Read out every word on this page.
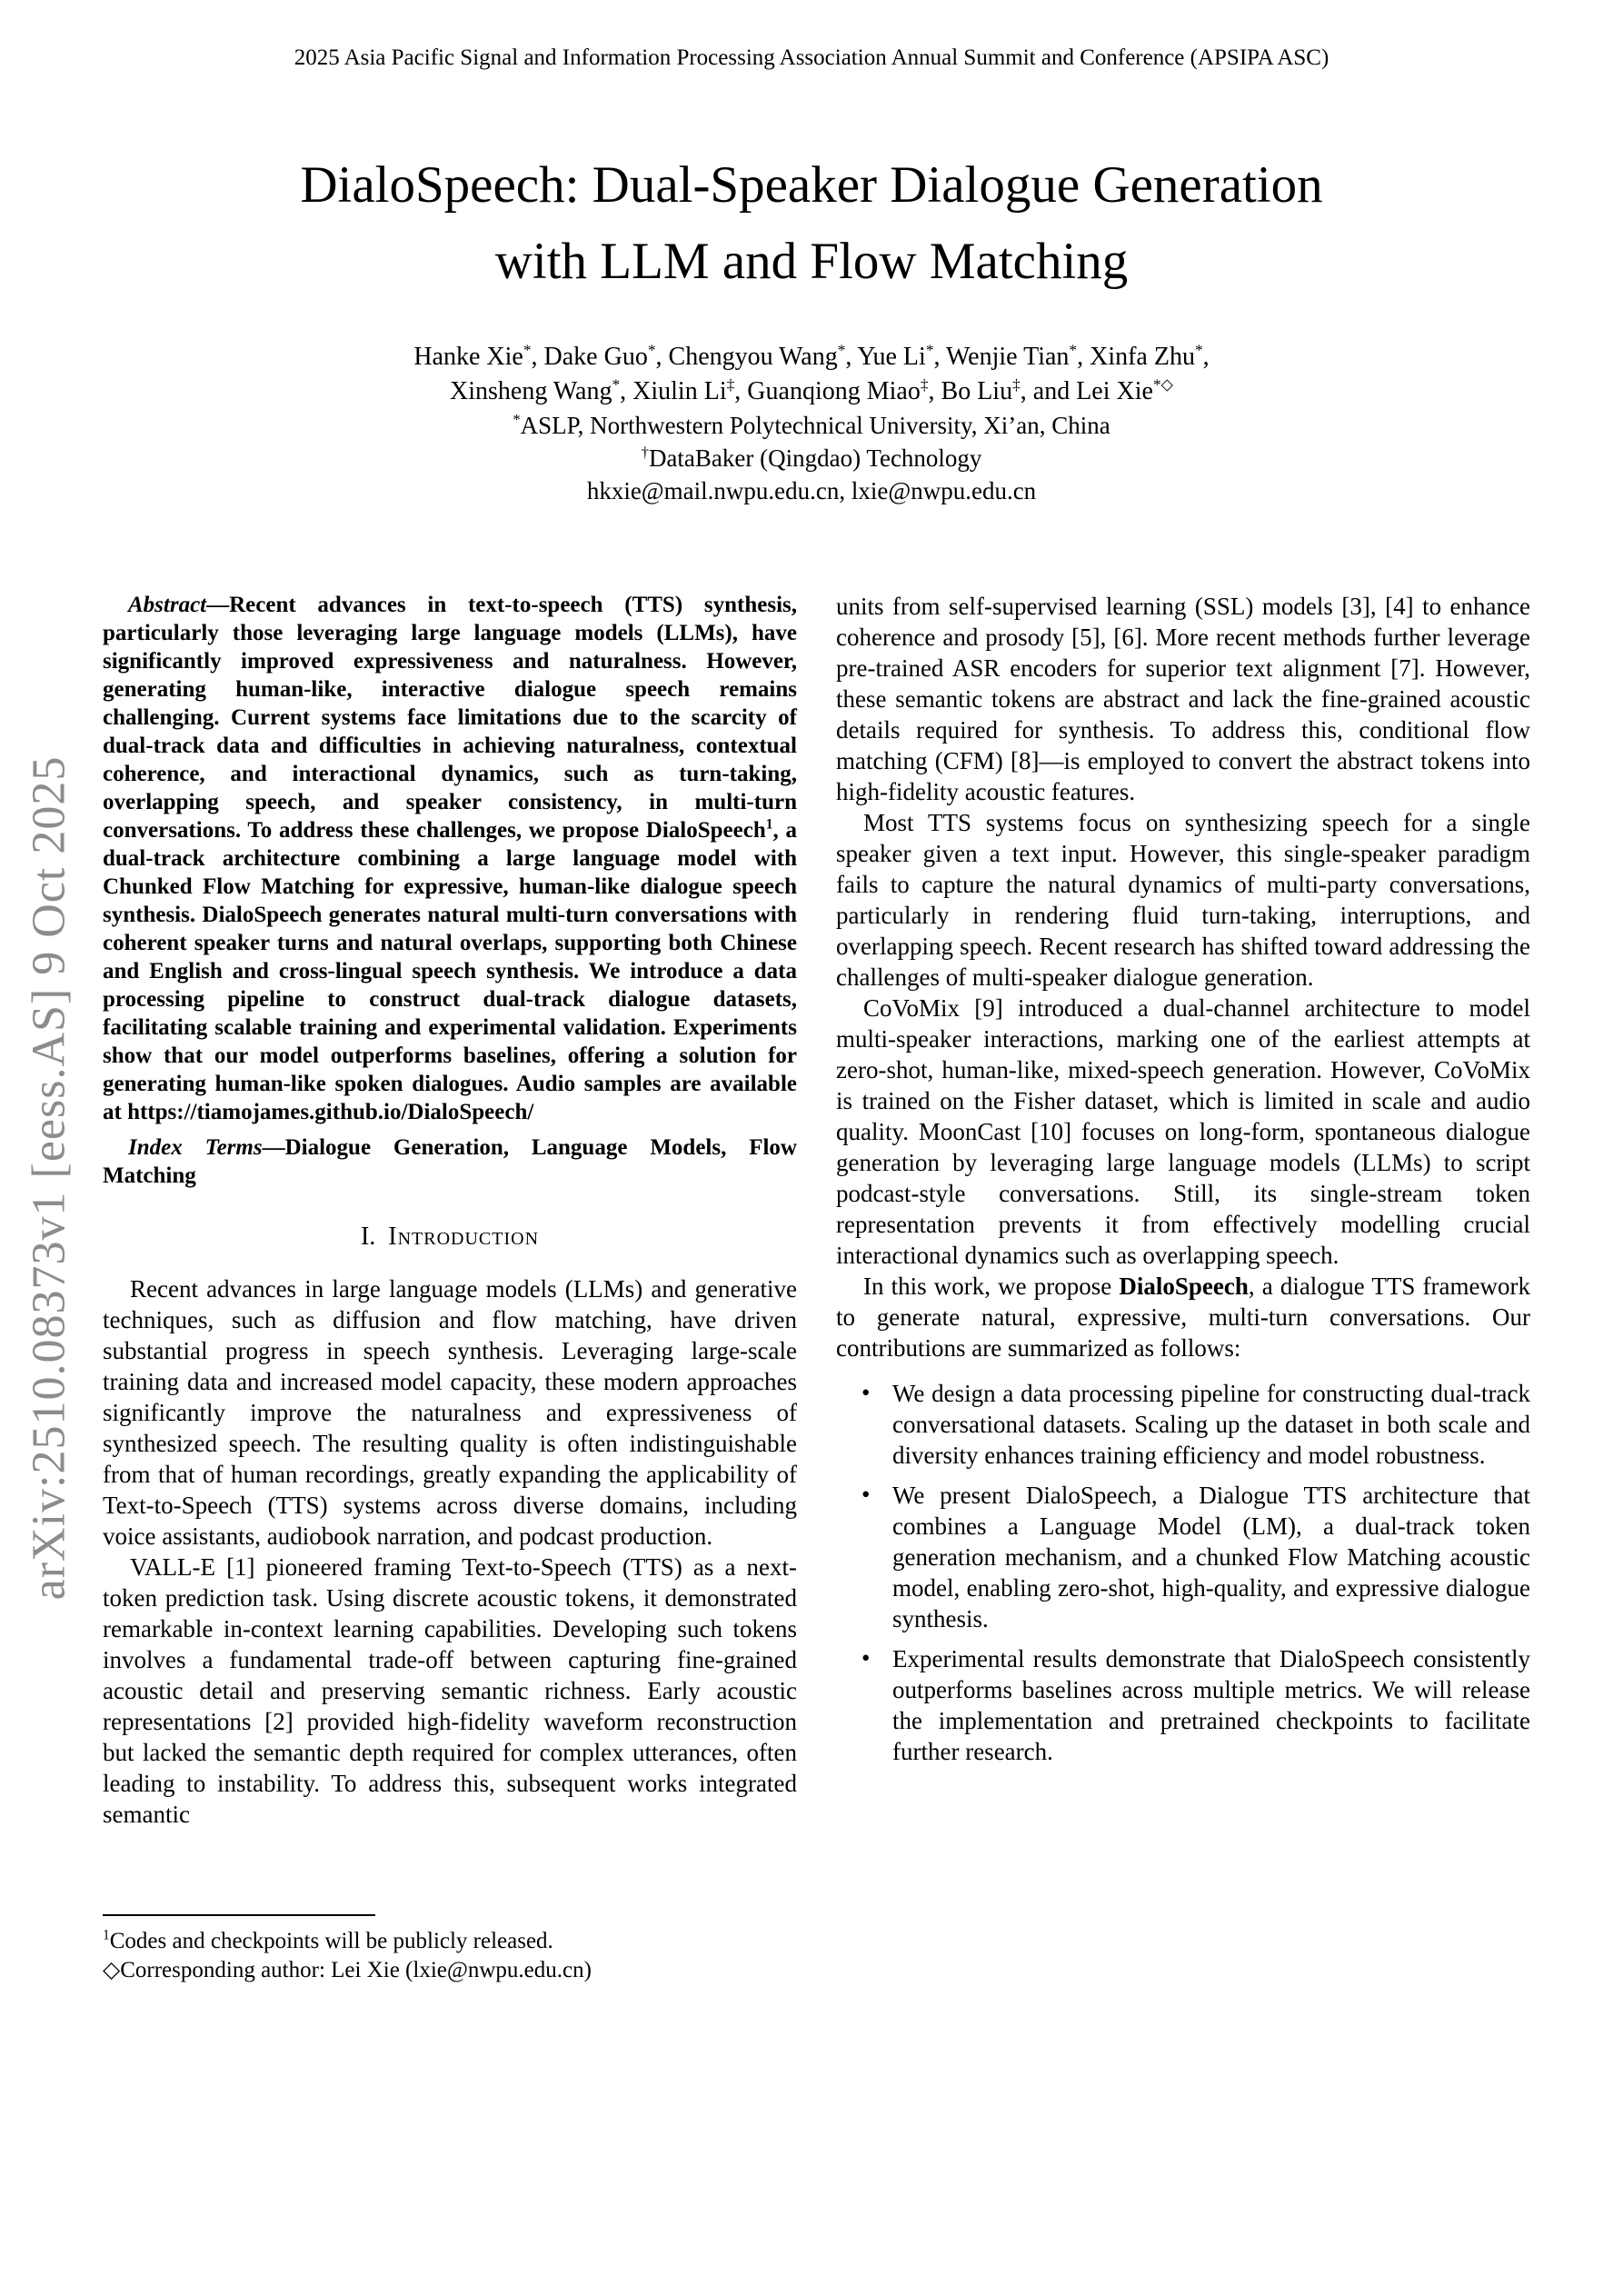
arXiv:2510.08373v1 [eess.AS] 9 Oct 2025
2025 Asia Pacific Signal and Information Processing Association Annual Summit and Conference (APSIPA ASC)
DialoSpeech: Dual-Speaker Dialogue Generation
with LLM and Flow Matching
Hanke Xie*, Dake Guo*, Chengyou Wang*, Yue Li*, Wenjie Tian*, Xinfa Zhu*,
Xinsheng Wang*, Xiulin Li‡, Guanqiong Miao‡, Bo Liu‡, and Lei Xie*◇
*ASLP, Northwestern Polytechnical University, Xi’an, China
†DataBaker (Qingdao) Technology
hkxie@mail.nwpu.edu.cn, lxie@nwpu.edu.cn

Abstract—Recent advances in text-to-speech (TTS) synthesis, particularly those leveraging large language models (LLMs), have significantly improved expressiveness and naturalness. However, generating human-like, interactive dialogue speech remains challenging. Current systems face limitations due to the scarcity of dual-track data and difficulties in achieving naturalness, contextual coherence, and interactional dynamics, such as turn-taking, overlapping speech, and speaker consistency, in multi-turn conversations. To address these challenges, we propose DialoSpeech$^1$, a dual-track architecture combining a large language model with Chunked Flow Matching for expressive, human-like dialogue speech synthesis. DialoSpeech generates natural multi-turn conversations with coherent speaker turns and natural overlaps, supporting both Chinese and English and cross-lingual speech synthesis. We introduce a data processing pipeline to construct dual-track dialogue datasets, facilitating scalable training and experimental validation. Experiments show that our model outperforms baselines, offering a solution for generating human-like spoken dialogues. Audio samples are available at https://tiamojames.github.io/DialoSpeech/

Index Terms—Dialogue Generation, Language Models, Flow Matching

I. Introduction

Recent advances in large language models (LLMs) and generative techniques, such as diffusion and flow matching, have driven substantial progress in speech synthesis. Leveraging large-scale training data and increased model capacity, these modern approaches significantly improve the naturalness and expressiveness of synthesized speech. The resulting quality is often indistinguishable from that of human recordings, greatly expanding the applicability of Text-to-Speech (TTS) systems across diverse domains, including voice assistants, audiobook narration, and podcast production.

VALL-E [1] pioneered framing Text-to-Speech (TTS) as a next-token prediction task. Using discrete acoustic tokens, it demonstrated remarkable in-context learning capabilities. Developing such tokens involves a fundamental trade-off between capturing fine-grained acoustic detail and preserving semantic richness. Early acoustic representations [2] provided high-fidelity waveform reconstruction but lacked the semantic depth required for complex utterances, often leading to instability. To address this, subsequent works integrated semantic

units from self-supervised learning (SSL) models [3], [4] to enhance coherence and prosody [5], [6]. More recent methods further leverage pre-trained ASR encoders for superior text alignment [7]. However, these semantic tokens are abstract and lack the fine-grained acoustic details required for synthesis. To address this, conditional flow matching (CFM) [8]—is employed to convert the abstract tokens into high-fidelity acoustic features.

Most TTS systems focus on synthesizing speech for a single speaker given a text input. However, this single-speaker paradigm fails to capture the natural dynamics of multi-party conversations, particularly in rendering fluid turn-taking, interruptions, and overlapping speech. Recent research has shifted toward addressing the challenges of multi-speaker dialogue generation.

CoVoMix [9] introduced a dual-channel architecture to model multi-speaker interactions, marking one of the earliest attempts at zero-shot, human-like, mixed-speech generation. However, CoVoMix is trained on the Fisher dataset, which is limited in scale and audio quality. MoonCast [10] focuses on long-form, spontaneous dialogue generation by leveraging large language models (LLMs) to script podcast-style conversations. Still, its single-stream token representation prevents it from effectively modelling crucial interactional dynamics such as overlapping speech.

In this work, we propose DialoSpeech, a dialogue TTS framework to generate natural, expressive, multi-turn conversations. Our contributions are summarized as follows:

• We design a data processing pipeline for constructing dual-track conversational datasets. Scaling up the dataset in both scale and diversity enhances training efficiency and model robustness.
• We present DialoSpeech, a Dialogue TTS architecture that combines a Language Model (LM), a dual-track token generation mechanism, and a chunked Flow Matching acoustic model, enabling zero-shot, high-quality, and expressive dialogue synthesis.
• Experimental results demonstrate that DialoSpeech consistently outperforms baselines across multiple metrics. We will release the implementation and pretrained checkpoints to facilitate further research.
$^1$Codes and checkpoints will be publicly released.
◇Corresponding author: Lei Xie (lxie@nwpu.edu.cn)
